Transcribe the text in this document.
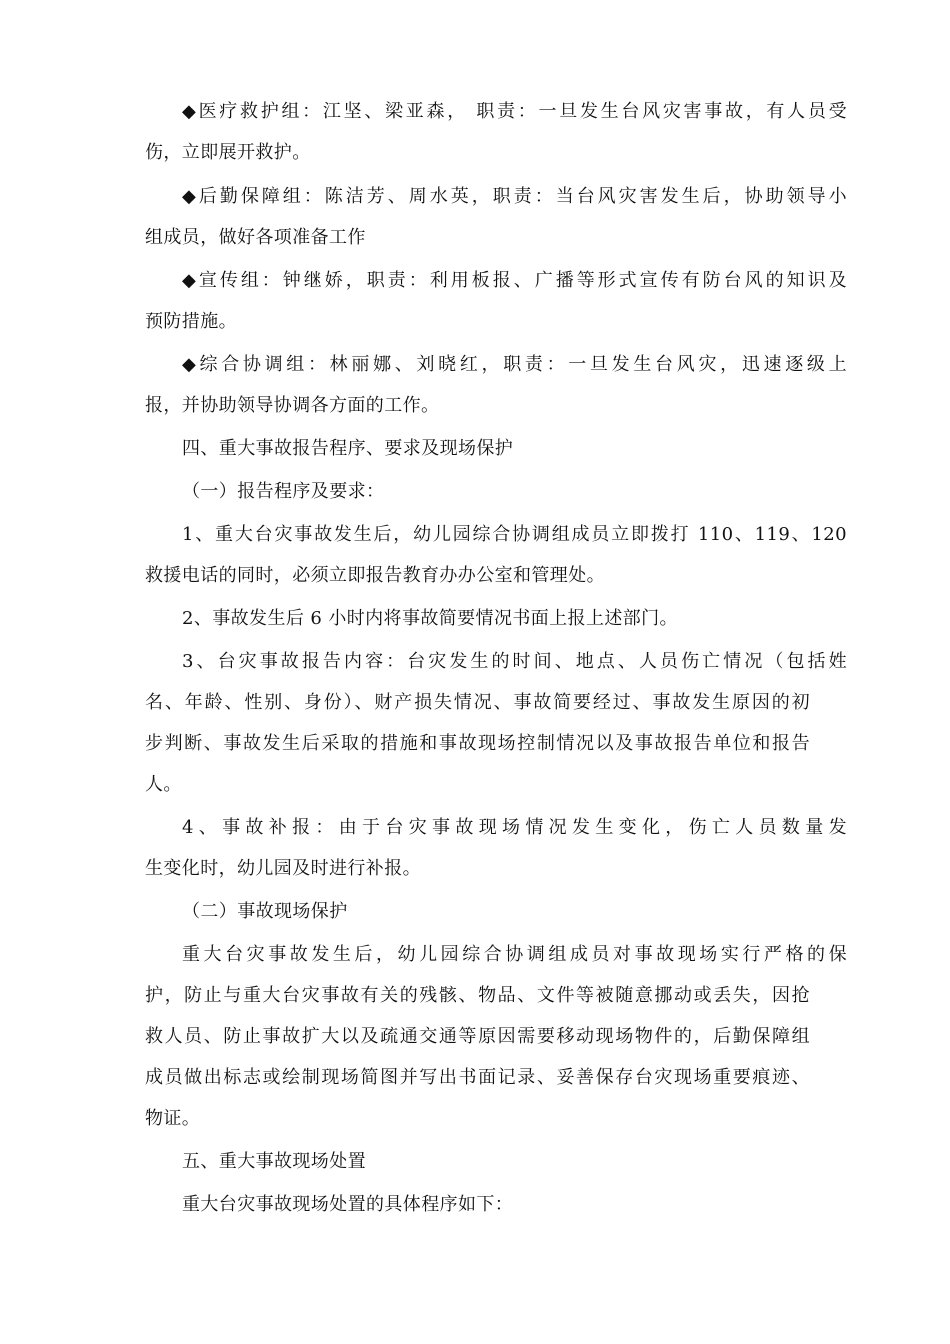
◆医疗救护组：江坚、梁亚森， 职责：一旦发生台风灾害事故，有人员受
伤，立即展开救护。
◆后勤保障组：陈洁芳、周水英，职责：当台风灾害发生后，协助领导小
组成员，做好各项准备工作
◆宣传组：钟继娇，职责：利用板报、广播等形式宣传有防台风的知识及
预防措施。
◆综合协调组：林丽娜、刘晓红，职责：一旦发生台风灾，迅速逐级上
报，并协助领导协调各方面的工作。
四、重大事故报告程序、要求及现场保护
（一）报告程序及要求：
1、重大台灾事故发生后，幼儿园综合协调组成员立即拨打 110、119、120
救援电话的同时，必须立即报告教育办办公室和管理处。
2、事故发生后 6 小时内将事故简要情况书面上报上述部门。
3、台灾事故报告内容：台灾发生的时间、地点、人员伤亡情况（包括姓
名、年龄、性别、身份）、财产损失情况、事故简要经过、事故发生原因的初
步判断、事故发生后采取的措施和事故现场控制情况以及事故报告单位和报告
人。
4、事故补报：由于台灾事故现场情况发生变化，伤亡人员数量发
生变化时，幼儿园及时进行补报。
（二）事故现场保护
重大台灾事故发生后，幼儿园综合协调组成员对事故现场实行严格的保
护，防止与重大台灾事故有关的残骸、物品、文件等被随意挪动或丢失，因抢
救人员、防止事故扩大以及疏通交通等原因需要移动现场物件的，后勤保障组
成员做出标志或绘制现场简图并写出书面记录、妥善保存台灾现场重要痕迹、
物证。
五、重大事故现场处置
重大台灾事故现场处置的具体程序如下：
